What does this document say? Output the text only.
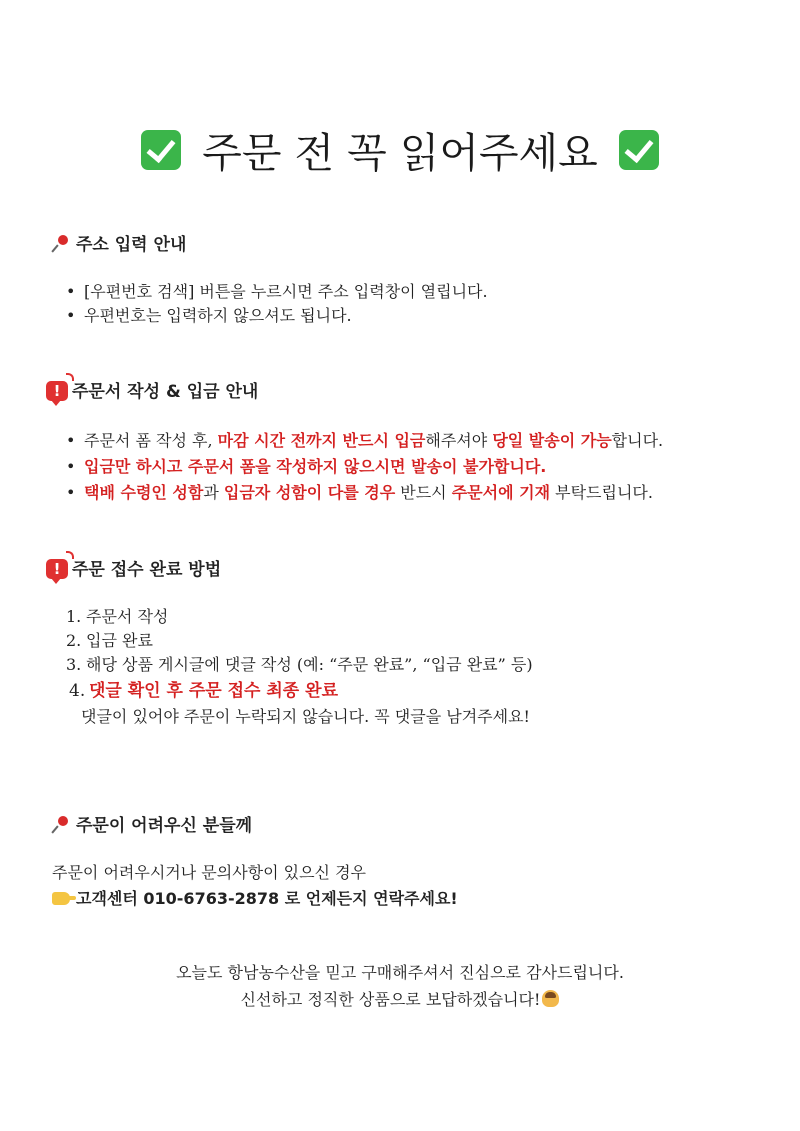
주문 전 꼭 읽어주세요
주소 입력 안내
• [우편번호 검색] 버튼을 누르시면 주소 입력창이 열립니다.
• 우편번호는 입력하지 않으셔도 됩니다.
! 주문서 작성 & 입금 안내
• 주문서 폼 작성 후, 마감 시간 전까지 반드시 입금해주셔야 당일 발송이 가능합니다.
• 입금만 하시고 주문서 폼을 작성하지 않으시면 발송이 불가합니다.
• 택배 수령인 성함과 입금자 성함이 다를 경우 반드시 주문서에 기재 부탁드립니다.
! 주문 접수 완료 방법
1. 주문서 작성
2. 입금 완료
3. 해당 상품 게시글에 댓글 작성 (예: “주문 완료”, “입금 완료” 등)
4. 댓글 확인 후 주문 접수 최종 완료
댓글이 있어야 주문이 누락되지 않습니다. 꼭 댓글을 남겨주세요!
주문이 어려우신 분들께
주문이 어려우시거나 문의사항이 있으신 경우
고객센터 010-6763-2878 로 언제든지 연락주세요!
오늘도 항남농수산을 믿고 구매해주셔서 진심으로 감사드립니다.
신선하고 정직한 상품으로 보답하겠습니다!
